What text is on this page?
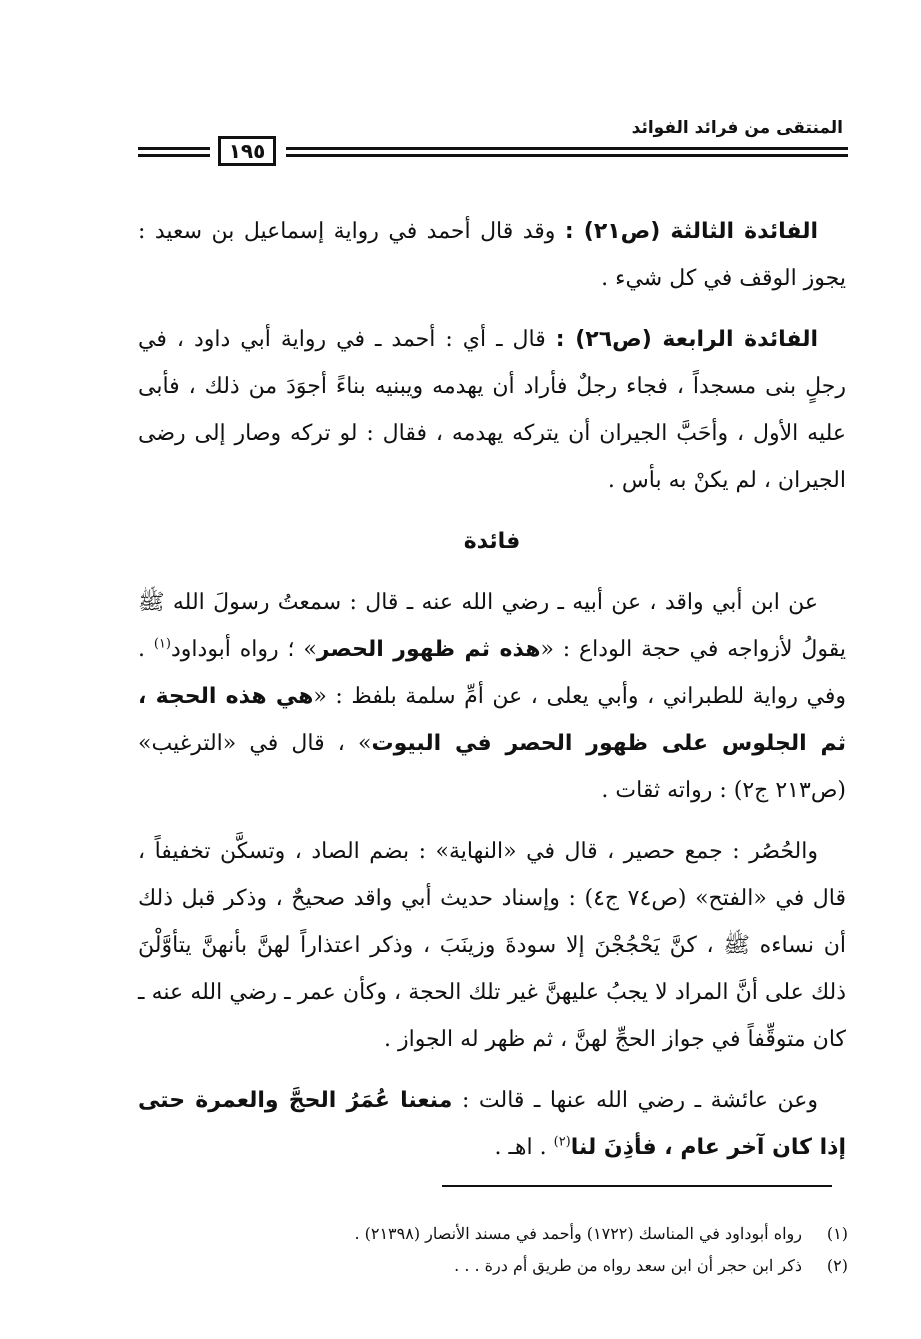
المنتقى من فرائد الفوائد
١٩٥

الفائدة الثالثة (ص٢١) : وقد قال أحمد في رواية إسماعيل بن سعيد : يجوز الوقف في كل شيء .

الفائدة الرابعة (ص٢٦) : قال ـ أي : أحمد ـ في رواية أبي داود ، في رجلٍ بنى مسجداً ، فجاء رجلٌ فأراد أن يهدمه ويبنيه بناءً أجوَدَ من ذلك ، فأبى عليه الأول ، وأحَبَّ الجيران أن يتركه يهدمه ، فقال : لو تركه وصار إلى رضى الجيران ، لم يكنْ به بأس .

فائدة

عن ابن أبي واقد ، عن أبيه ـ رضي الله عنه ـ قال : سمعتُ رسولَ الله ﷺ يقولُ لأزواجه في حجة الوداع : «هذه ثم ظهور الحصر» ؛ رواه أبوداود$^{(١)}$ . وفي رواية للطبراني ، وأبي يعلى ، عن أمِّ سلمة بلفظ : «هي هذه الحجة ، ثم الجلوس على ظهور الحصر في البيوت» ، قال في «الترغيب» (ص٢١٣ ج٢) : رواته ثقات .

والحُصُر : جمع حصير ، قال في «النهاية» : بضم الصاد ، وتسكَّن تخفيفاً ، قال في «الفتح» (ص٧٤ ج٤) : وإسناد حديث أبي واقد صحيحٌ ، وذكر قبل ذلك أن نساءه ﷺ ، كنَّ يَحْجُجْنَ إلا سودةَ وزينَبَ ، وذكر اعتذاراً لهنَّ بأنهنَّ يتأوَّلْنَ ذلك على أنَّ المراد لا يجبُ عليهنَّ غير تلك الحجة ، وكأن عمر ـ رضي الله عنه ـ كان متوقِّفاً في جواز الحجِّ لهنَّ ، ثم ظهر له الجواز .

وعن عائشة ـ رضي الله عنها ـ قالت : منعنا عُمَرُ الحجَّ والعمرة حتى إذا كان آخر عام ، فأذِنَ لنا$^{(٢)}$ . اهـ .

(١)
رواه أبوداود في المناسك (١٧٢٢) وأحمد في مسند الأنصار (٢١٣٩٨) .
(٢)
ذكر ابن حجر أن ابن سعد رواه من طريق أم درة . . .
